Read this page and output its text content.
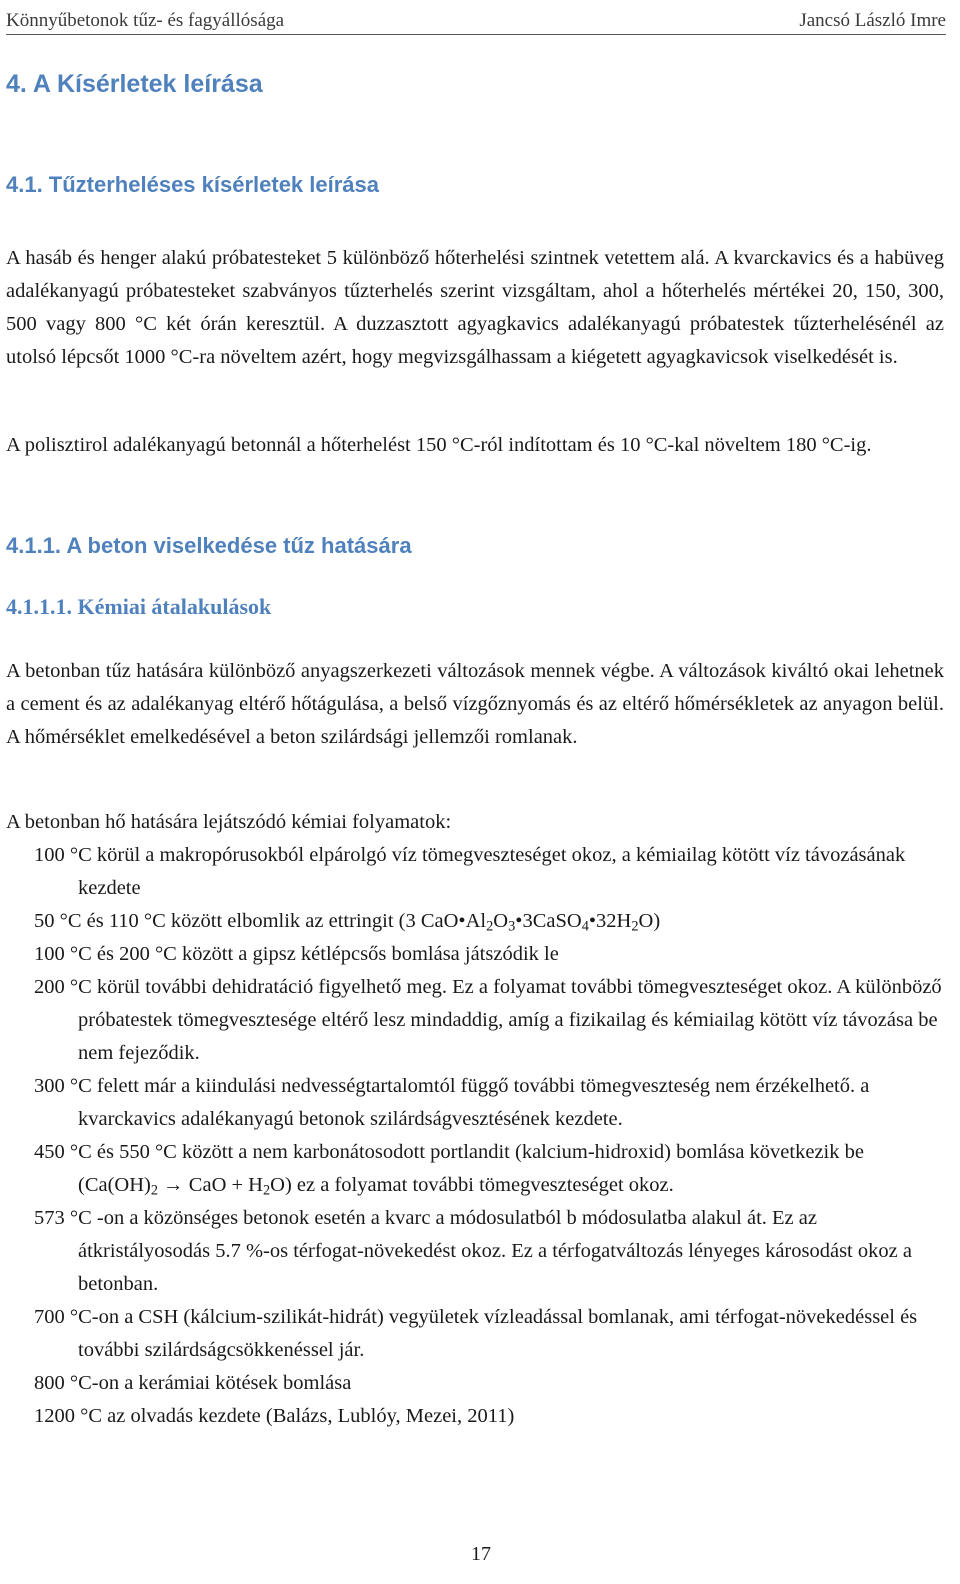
Könnyűbetonok tűz- és fagyállósága	Jancsó László Imre
4. A Kísérletek leírása
4.1. Tűzterheléses kísérletek leírása
A hasáb és henger alakú próbatesteket 5 különböző hőterhelési szintnek vetettem alá. A kvarckavics és a habüveg adalékanyagú próbatesteket szabványos tűzterhelés szerint vizsgáltam, ahol a hőterhelés mértékei 20, 150, 300, 500 vagy 800 °C két órán keresztül. A duzzasztott agyagkavics adalékanyagú próbatestek tűzterhelésénél az utolsó lépcsőt 1000 °C-ra növeltem azért, hogy megvizsgálhassam a kiégetett agyagkavicsok viselkedését is.
A polisztirol adalékanyagú betonnál a hőterhelést 150 °C-ról indítottam és 10 °C-kal növeltem 180 °C-ig.
4.1.1. A beton viselkedése tűz hatására
4.1.1.1. Kémiai átalakulások
A betonban tűz hatására különböző anyagszerkezeti változások mennek végbe. A változások kiváltó okai lehetnek a cement és az adalékanyag eltérő hőtágulása, a belső vízgőznyomás és az eltérő hőmérsékletek az anyagon belül. A hőmérséklet emelkedésével a beton szilárdsági jellemzői romlanak.
A betonban hő hatására lejátszódó kémiai folyamatok:

100 °C körül a makropórusokból elpárolgó víz tömegveszteséget okoz, a kémiailag kötött víz távozásának kezdete

50 °C és 110 °C között elbomlik az ettringit (3 $CaO•Al_2O_3•3CaSO_4•32H_2O$)

100 °C és 200 °C között a gipsz kétlépcsős bomlása játszódik le

200 °C körül további dehidratáció figyelhető meg. Ez a folyamat további tömegveszteséget okoz. A különböző próbatestek tömegvesztesége eltérő lesz mindaddig, amíg a fizikailag és kémiailag kötött víz távozása be nem fejeződik.

300 °C felett már a kiindulási nedvességtartalomtól függő további tömegveszteség nem érzékelhető. a kvarckavics adalékanyagú betonok szilárdságvesztésének kezdete.

450 °C és 550 °C között a nem karbonátosodott portlandit (kalcium-hidroxid) bomlása következik be ($Ca(OH)_2$ → CaO + $H_2O$) ez a folyamat további tömegveszteséget okoz.

573 °C -on a közönséges betonok esetén a kvarc a módosulatból b módosulatba alakul át. Ez az átkristályosodás 5.7 %-os térfogat-növekedést okoz. Ez a térfogatváltozás lényeges károsodást okoz a betonban.

700 °C-on a CSH (kálcium-szilikát-hidrát) vegyületek vízleadással bomlanak, ami térfogat-növekedéssel és további szilárdságcsökkenéssel jár.

800 °C-on a kerámiai kötések bomlása

1200 °C az olvadás kezdete (Balázs, Lublóy, Mezei, 2011)

17
